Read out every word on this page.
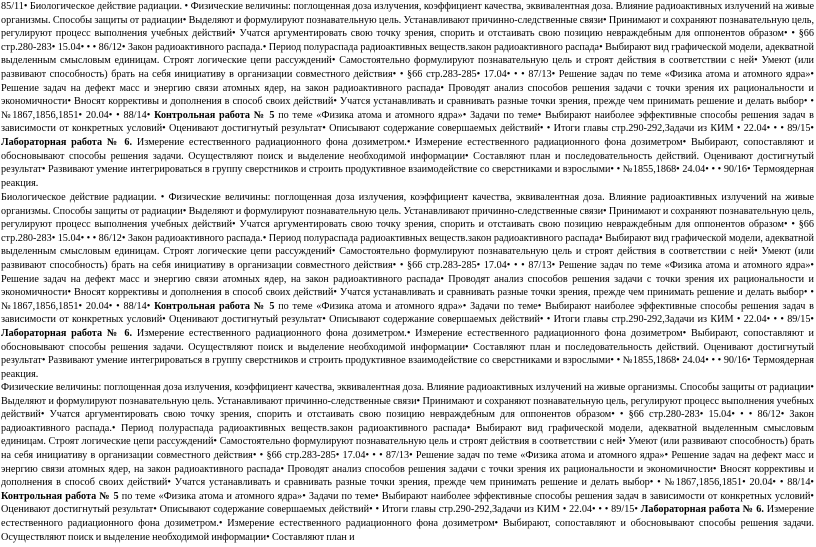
85/11• Биологическое действие радиации. • Физические величины: поглощенная доза излучения, коэффициент качества, эквивалентная доза. Влияние радиоактивных излучений на живые организмы. Способы защиты от радиации• Выделяют и формулируют познавательную цель. Устанавливают причинно-следственные связи• Принимают и сохраняют познавательную цель, регулируют процесс выполнения учебных действий• Учатся аргументировать свою точку зрения, спорить и отстаивать свою позицию невраждебным для оппонентов образом• • §66 стр.280-283• 15.04• • • 86/12• Закон радиоактивного распада.• Период полураспада радиоактивных веществ.закон радиоактивного распада• Выбирают вид графической модели, адекватной выделенным смысловым единицам. Строят логические цепи рассуждений• Самостоятельно формулируют познавательную цель и строят действия в соответствии с ней• Умеют (или развивают способность) брать на себя инициативу в организации совместного действия• • §66 стр.283-285• 17.04• • • 87/13• Решение задач по теме «Физика атома и атомного ядра»• Решение задач на дефект масс и энергию связи атомных ядер, на закон радиоактивного распада• Проводят анализ способов решения задачи с точки зрения их рациональности и экономичности• Вносят коррективы и дополнения в способ своих действий• Учатся устанавливать и сравнивать разные точки зрения, прежде чем принимать решение и делать выбор• • №1867,1856,1851• 20.04• • 88/14• Контрольная работа № 5 по теме «Физика атома и атомного ядра»• Задачи по теме• Выбирают наиболее эффективные способы решения задач в зависимости от конкретных условий• Оценивают достигнутый результат• Описывают содержание совершаемых действий• • Итоги главы стр.290-292,Задачи из КИМ • 22.04• • • 89/15• Лабораторная работа № 6. Измерение естественного радиационного фона дозиметром.• Измерение естественного радиационного фона дозиметром• Выбирают, сопоставляют и обосновывают способы решения задачи. Осуществляют поиск и выделение необходимой информации• Составляют план и последовательность действий. Оценивают достигнутый результат• Развивают умение интегрироваться в группу сверстников и строить продуктивное взаимодействие со сверстниками и взрослыми• • №1855,1868• 24.04• • • 90/16• Термоядерная реакция.
Биологическое действие радиации. • Физические величины: поглощенная доза излучения, коэффициент качества, эквивалентная доза. Влияние радиоактивных излучений на живые организмы. Способы защиты от радиации• Выделяют и формулируют познавательную цель. Устанавливают причинно-следственные связи• Принимают и сохраняют познавательную цель, регулируют процесс выполнения учебных действий• Учатся аргументировать свою точку зрения, спорить и отстаивать свою позицию невраждебным для оппонентов образом• • §66 стр.280-283• 15.04• • • 86/12• Закон радиоактивного распада.• Период полураспада радиоактивных веществ.закон радиоактивного распада• Выбирают вид графической модели, адекватной выделенным смысловым единицам. Строят логические цепи рассуждений• Самостоятельно формулируют познавательную цель и строят действия в соответствии с ней• Умеют (или развивают способность) брать на себя инициативу в организации совместного действия• • §66 стр.283-285• 17.04• • • 87/13• Решение задач по теме «Физика атома и атомного ядра»• Решение задач на дефект масс и энергию связи атомных ядер, на закон радиоактивного распада• Проводят анализ способов решения задачи с точки зрения их рациональности и экономичности• Вносят коррективы и дополнения в способ своих действий• Учатся устанавливать и сравнивать разные точки зрения, прежде чем принимать решение и делать выбор• • №1867,1856,1851• 20.04• • 88/14• Контрольная работа № 5 по теме «Физика атома и атомного ядра»• Задачи по теме• Выбирают наиболее эффективные способы решения задач в зависимости от конкретных условий• Оценивают достигнутый результат• Описывают содержание совершаемых действий• • Итоги главы стр.290-292,Задачи из КИМ • 22.04• • • 89/15• Лабораторная работа № 6. Измерение естественного радиационного фона дозиметром.• Измерение естественного радиационного фона дозиметром• Выбирают, сопоставляют и обосновывают способы решения задачи. Осуществляют поиск и выделение необходимой информации• Составляют план и последовательность действий. Оценивают достигнутый результат• Развивают умение интегрироваться в группу сверстников и строить продуктивное взаимодействие со сверстниками и взрослыми• • №1855,1868• 24.04• • • 90/16• Термоядерная реакция.
Физические величины: поглощенная доза излучения, коэффициент качества, эквивалентная доза. Влияние радиоактивных излучений на живые организмы. Способы защиты от радиации• Выделяют и формулируют познавательную цель. Устанавливают причинно-следственные связи• Принимают и сохраняют познавательную цель, регулируют процесс выполнения учебных действий• Учатся аргументировать свою точку зрения, спорить и отстаивать свою позицию невраждебным для оппонентов образом• • §66 стр.280-283• 15.04• • • 86/12• Закон радиоактивного распада.• Период полураспада радиоактивных веществ.закон радиоактивного распада• Выбирают вид графической модели, адекватной выделенным смысловым единицам. Строят логические цепи рассуждений• Самостоятельно формулируют познавательную цель и строят действия в соответствии с ней• Умеют (или развивают способность) брать на себя инициативу в организации совместного действия• • §66 стр.283-285• 17.04• • • 87/13• Решение задач по теме «Физика атома и атомного ядра»• Решение задач на дефект масс и энергию связи атомных ядер, на закон радиоактивного распада• Проводят анализ способов решения задачи с точки зрения их рациональности и экономичности• Вносят коррективы и дополнения в способ своих действий• Учатся устанавливать и сравнивать разные точки зрения, прежде чем принимать решение и делать выбор• • №1867,1856,1851• 20.04• • 88/14• Контрольная работа № 5 по теме «Физика атома и атомного ядра»• Задачи по теме• Выбирают наиболее эффективные способы решения задач в зависимости от конкретных условий• Оценивают достигнутый результат• Описывают содержание совершаемых действий• • Итоги главы стр.290-292,Задачи из КИМ • 22.04• • • 89/15• Лабораторная работа № 6. Измерение естественного радиационного фона дозиметром.• Измерение естественного радиационного фона дозиметром• Выбирают, сопоставляют и обосновывают способы решения задачи. Осуществляют поиск и выделение необходимой информации• Составляют план и
